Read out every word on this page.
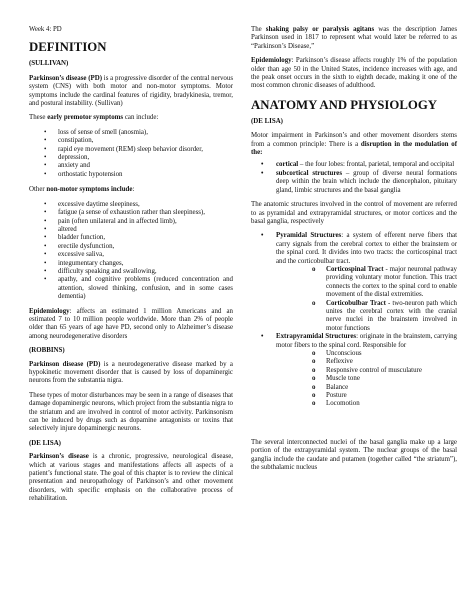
Week 4: PD

DEFINITION

(SULLIVAN)

Parkinson’s disease (PD) is a progressive disorder of the central nervous system (CNS) with both motor and non-motor symptoms. Motor symptoms include the cardinal features of rigidity, bradykinesia, tremor, and postural instability. (Sullivan)

These early premotor symptoms can include:

• loss of sense of smell (anosmia),
• constipation,
• rapid eye movement (REM) sleep behavior disorder,
• depression,
• anxiety and
• orthostatic hypotension

Other non-motor symptoms include:

• excessive daytime sleepiness,
• fatigue (a sense of exhaustion rather than sleepiness),
• pain (often unilateral and in affected limb),
• altered
• bladder function,
• erectile dysfunction,
• excessive saliva,
• integumentary changes,
• difficulty speaking and swallowing,
• apathy, and cognitive problems (reduced concentration and attention, slowed thinking, confusion, and in some cases dementia)

Epidemiology: affects an estimated 1 million Americans and an estimated 7 to 10 million people worldwide. More than 2% of people older than 65 years of age have PD, second only to Alzheimer’s disease among neurodegenerative disorders

(ROBBINS)

Parkinson disease (PD) is a neurodegenerative disease marked by a hypokinetic movement disorder that is caused by loss of dopaminergic neurons from the substantia nigra.

These types of motor disturbances may be seen in a range of diseases that damage dopaminergic neurons, which project from the substantia nigra to the striatum and are involved in control of motor activity. Parkinsonism can be induced by drugs such as dopamine antagonists or toxins that selectively injure dopaminergic neurons.

(DE LISA)

Parkinson’s disease is a chronic, progressive, neurological disease, which at various stages and manifestations affects all aspects of a patient’s functional state. The goal of this chapter is to review the clinical presentation and neuropathology of Parkinson’s and other movement disorders, with specific emphasis on the collaborative process of rehabilitation.

The shaking palsy or paralysis agitans was the description James Parkinson used in 1817 to represent what would later be referred to as “Parkinson’s Disease,”

Epidemiology: Parkinson’s disease affects roughly 1% of the population older than age 50 in the United States, incidence increases with age, and the peak onset occurs in the sixth to eighth decade, making it one of the most common chronic diseases of adulthood.

ANATOMY AND PHYSIOLOGY

(DE LISA)

Motor impairment in Parkinson’s and other movement disorders stems from a common principle: There is a disruption in the modulation of the:

• cortical – the four lobes: frontal, parietal, temporal and occipital
• subcortical structures – group of diverse neural formations deep within the brain which include the diencephalon, pituitary gland, limbic structures and the basal ganglia

The anatomic structures involved in the control of movement are referred to as pyramidal and extrapyramidal structures, or motor cortices and the basal ganglia, respectively

• Pyramidal Structures: a system of efferent nerve fibers that carry signals from the cerebral cortex to either the brainstem or the spinal cord. It divides into two tracts: the corticospinal tract and the corticobulbar tract.
o Corticospinal Tract - major neuronal pathway providing voluntary motor function. This tract connects the cortex to the spinal cord to enable movement of the distal extremities.
o Corticobulbar Tract - two-neuron path which unites the cerebral cortex with the cranial nerve nuclei in the brainstem involved in motor functions
• Extrapyramidal Structures: originate in the brainstem, carrying motor fibers to the spinal cord. Responsible for
o Unconscious
o Reflexive
o Responsive control of musculature
o Muscle tone
o Balance
o Posture
o Locomotion

The several interconnected nuclei of the basal ganglia make up a large portion of the extrapyramidal system. The nuclear groups of the basal ganglia include the caudate and putamen (together called “the striatum”), the subthalamic nucleus
